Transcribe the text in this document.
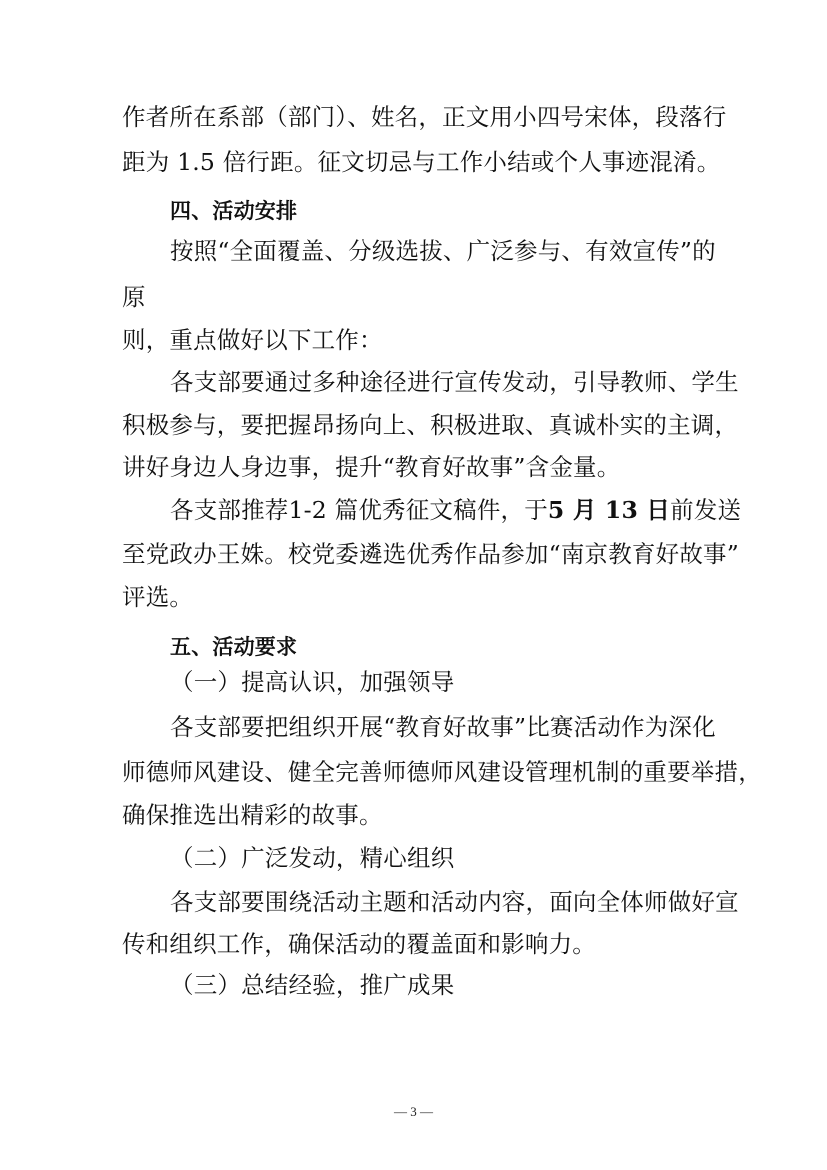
作者所在系部（部门）、姓名，正文用小四号宋体，段落行
距为 1.5 倍行距。征文切忌与工作小结或个人事迹混淆。
四、活动安排
按照“全面覆盖、分级选拔、广泛参与、有效宣传”的
原
则，重点做好以下工作：
各支部要通过多种途径进行宣传发动，引导教师、学生
积极参与，要把握昂扬向上、积极进取、真诚朴实的主调，
讲好身边人身边事，提升“教育好故事”含金量。
各支部推荐1-2 篇优秀征文稿件，于5 月 13 日前发送
至党政办王姝。校党委遴选优秀作品参加“南京教育好故事”
评选。
五、活动要求
（一）提高认识，加强领导
各支部要把组织开展“教育好故事”比赛活动作为深化
师德师风建设、健全完善师德师风建设管理机制的重要举措，
确保推选出精彩的故事。
（二）广泛发动，精心组织
各支部要围绕活动主题和活动内容，面向全体师做好宣
传和组织工作，确保活动的覆盖面和影响力。
（三）总结经验，推广成果
— 3 —
